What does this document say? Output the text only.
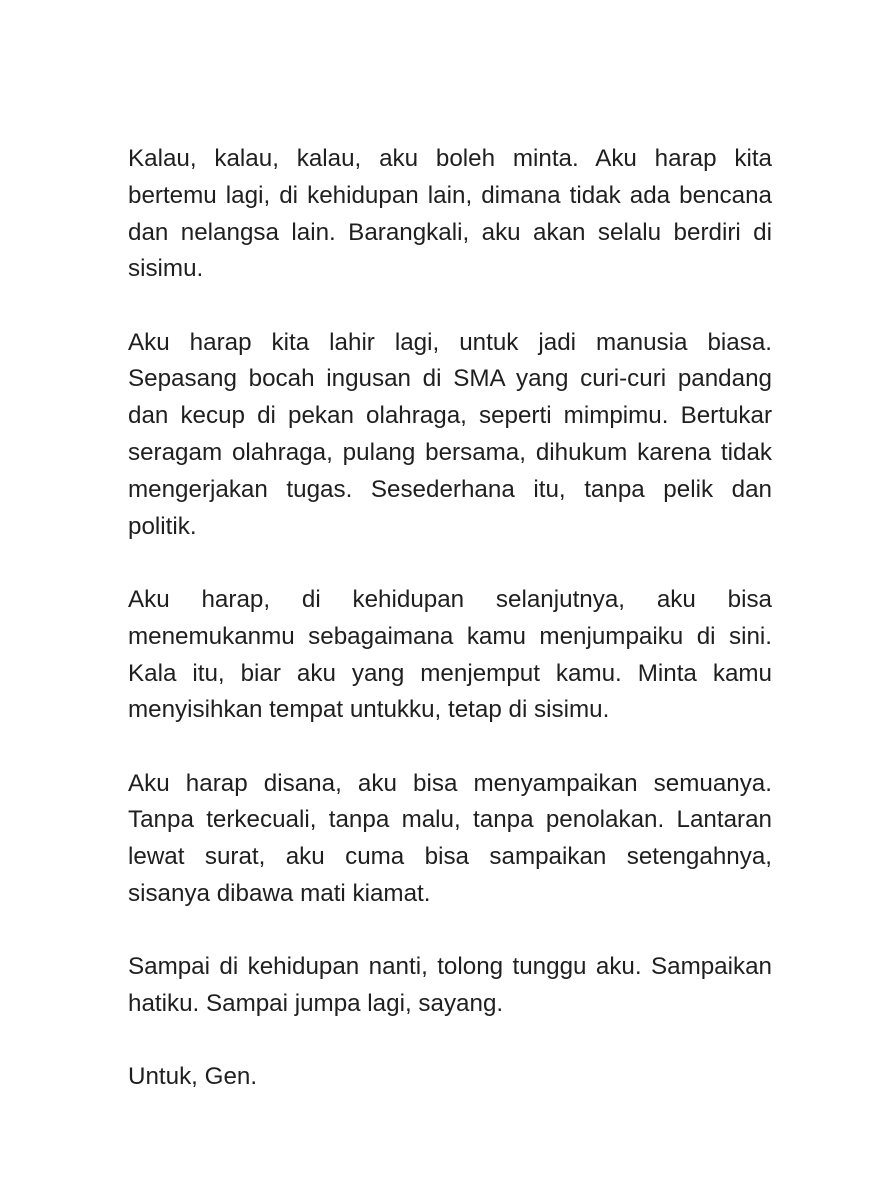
Kalau, kalau, kalau, aku boleh minta. Aku harap kita bertemu lagi, di kehidupan lain, dimana tidak ada bencana dan nelangsa lain. Barangkali, aku akan selalu berdiri di sisimu.

Aku harap kita lahir lagi, untuk jadi manusia biasa. Sepasang bocah ingusan di SMA yang curi-curi pandang dan kecup di pekan olahraga, seperti mimpimu. Bertukar seragam olahraga, pulang bersama, dihukum karena tidak mengerjakan tugas. Sesederhana itu, tanpa pelik dan politik.

Aku harap, di kehidupan selanjutnya, aku bisa menemukanmu sebagaimana kamu menjumpaiku di sini. Kala itu, biar aku yang menjemput kamu. Minta kamu menyisihkan tempat untukku, tetap di sisimu.

Aku harap disana, aku bisa menyampaikan semuanya. Tanpa terkecuali, tanpa malu, tanpa penolakan. Lantaran lewat surat, aku cuma bisa sampaikan setengahnya, sisanya dibawa mati kiamat.

Sampai di kehidupan nanti, tolong tunggu aku. Sampaikan hatiku. Sampai jumpa lagi, sayang.

Untuk, Gen.
